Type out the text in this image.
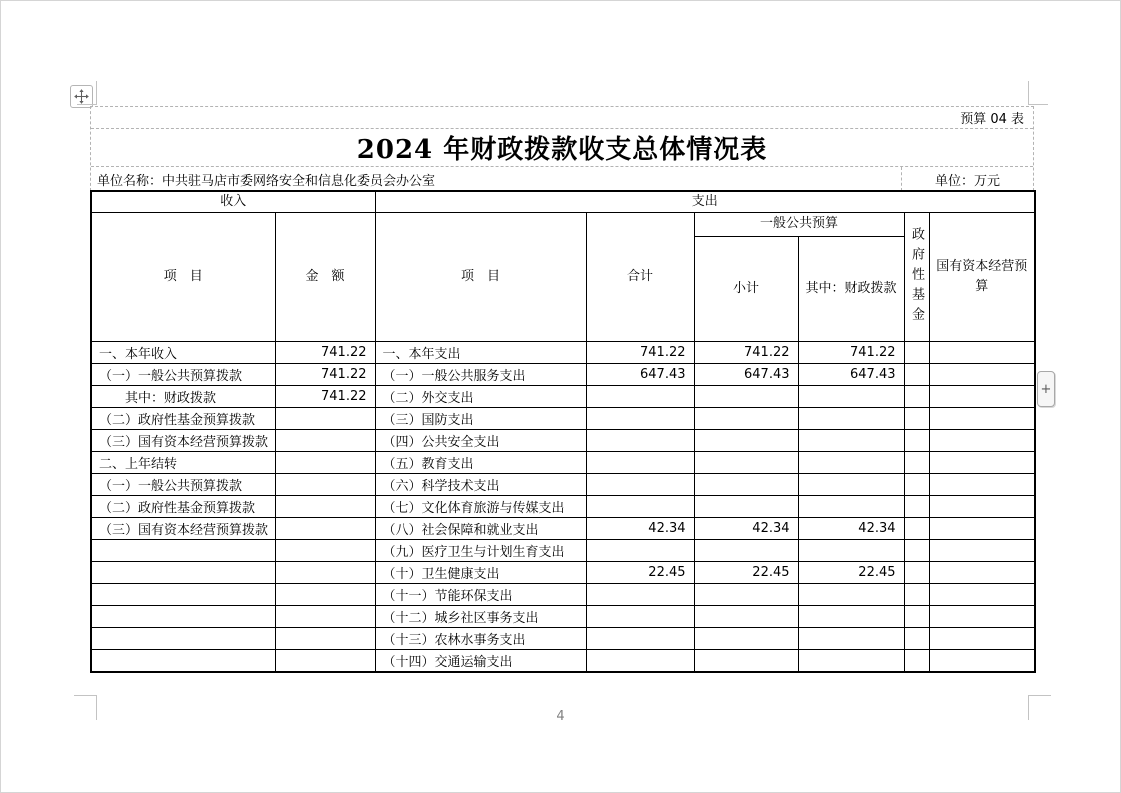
预算 04 表
2024 年财政拨款收支总体情况表
单位名称：中共驻马店市委网络安全和信息化委员会办公室	单位：万元
收入		支出					
项　目	金　额	项　目	合计	一般公共预算		政府性基金	国有资本经营预算
				小计	其中：财政拨款		
一、本年收入	741.22	一、本年支出	741.22	741.22	741.22		
（一）一般公共预算拨款	741.22	（一）一般公共服务支出	647.43	647.43	647.43		
　　其中：财政拨款	741.22	（二）外交支出					
（二）政府性基金预算拨款		（三）国防支出					
（三）国有资本经营预算拨款		（四）公共安全支出					
二、上年结转		（五）教育支出					
（一）一般公共预算拨款		（六）科学技术支出					
（二）政府性基金预算拨款		（七）文化体育旅游与传媒支出					
（三）国有资本经营预算拨款		（八）社会保障和就业支出	42.34	42.34	42.34		
		（九）医疗卫生与计划生育支出					
		（十）卫生健康支出	22.45	22.45	22.45		
		（十一）节能环保支出					
		（十二）城乡社区事务支出					
		（十三）农林水事务支出					
		（十四）交通运输支出					
4
+
